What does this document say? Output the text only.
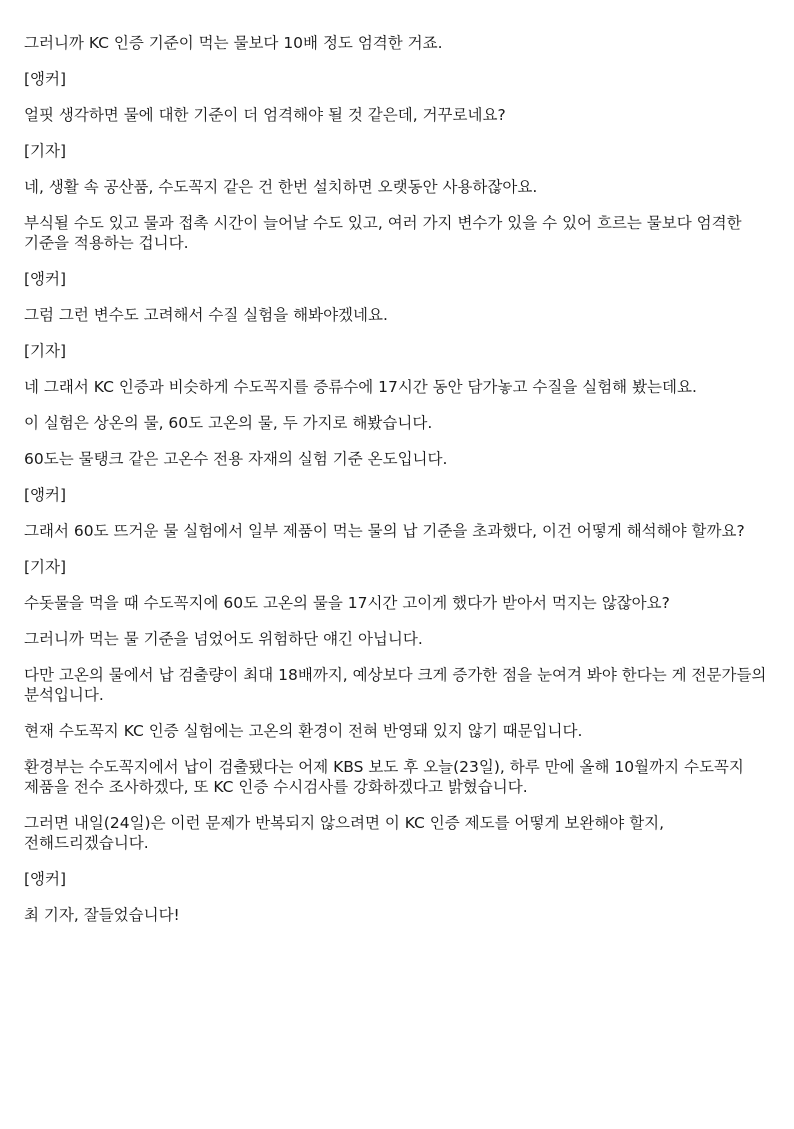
그러니까 KC 인증 기준이 먹는 물보다 10배 정도 엄격한 거죠.

[앵커]

얼핏 생각하면 물에 대한 기준이 더 엄격해야 될 것 같은데, 거꾸로네요?

[기자]

네, 생활 속 공산품, 수도꼭지 같은 건 한번 설치하면 오랫동안 사용하잖아요.

부식될 수도 있고 물과 접촉 시간이 늘어날 수도 있고, 여러 가지 변수가 있을 수 있어 흐르는 물보다 엄격한 기준을 적용하는 겁니다.

[앵커]

그럼 그런 변수도 고려해서 수질 실험을 해봐야겠네요.

[기자]

네 그래서 KC 인증과 비슷하게 수도꼭지를 증류수에 17시간 동안 담가놓고 수질을 실험해 봤는데요.

이 실험은 상온의 물, 60도 고온의 물, 두 가지로 해봤습니다.

60도는 물탱크 같은 고온수 전용 자재의 실험 기준 온도입니다.

[앵커]

그래서 60도 뜨거운 물 실험에서 일부 제품이 먹는 물의 납 기준을 초과했다, 이건 어떻게 해석해야 할까요?

[기자]

수돗물을 먹을 때 수도꼭지에 60도 고온의 물을 17시간 고이게 했다가 받아서 먹지는 않잖아요?

그러니까 먹는 물 기준을 넘었어도 위험하단 얘긴 아닙니다.

다만 고온의 물에서 납 검출량이 최대 18배까지, 예상보다 크게 증가한 점을 눈여겨 봐야 한다는 게 전문가들의 분석입니다.

현재 수도꼭지 KC 인증 실험에는 고온의 환경이 전혀 반영돼 있지 않기 때문입니다.

환경부는 수도꼭지에서 납이 검출됐다는 어제 KBS 보도 후 오늘(23일), 하루 만에 올해 10월까지 수도꼭지 제품을 전수 조사하겠다, 또 KC 인증 수시검사를 강화하겠다고 밝혔습니다.

그러면 내일(24일)은 이런 문제가 반복되지 않으려면 이 KC 인증 제도를 어떻게 보완해야 할지, 전해드리겠습니다.

[앵커]

최 기자, 잘들었습니다!
